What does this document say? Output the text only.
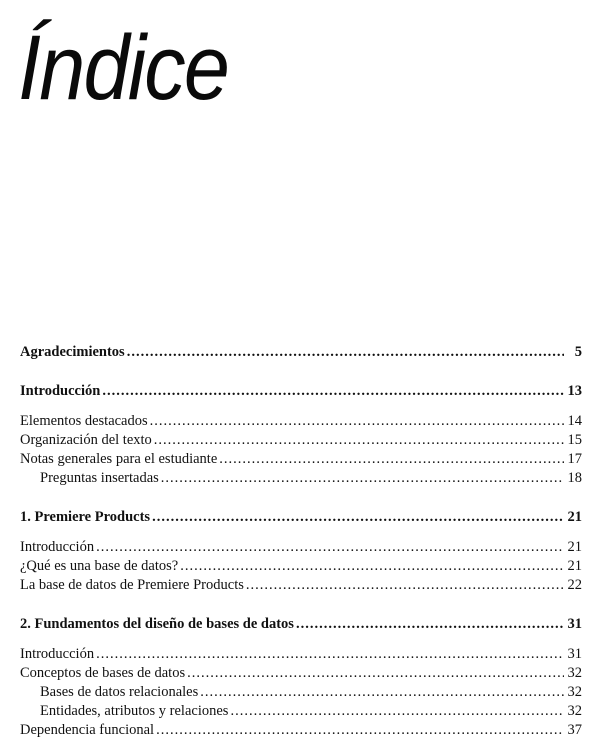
Índice
Agradecimientos .....	5
Introducción .....	13
Elementos destacados .....	14
Organización del texto .....	15
Notas generales para el estudiante .....	17
Preguntas insertadas .....	18
1. Premiere Products .....	21
Introducción .....	21
¿Qué es una base de datos? .....	21
La base de datos de Premiere Products .....	22
2. Fundamentos del diseño de bases de datos .....	31
Introducción .....	31
Conceptos de bases de datos .....	32
Bases de datos relacionales .....	32
Entidades, atributos y relaciones .....	32
Dependencia funcional .....	37
